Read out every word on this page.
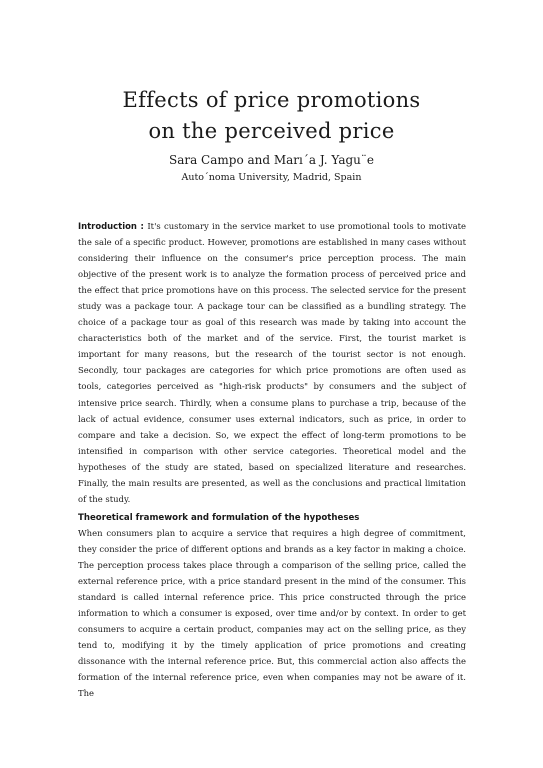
Effects of price promotions
on the perceived price

Sara Campo and Marı´a J. Yagu¨e

Auto´noma University, Madrid, Spain

Introduction : It's customary in the service market to use promotional tools to motivate the sale of a specific product. However, promotions are established in many cases without considering their influence on the consumer's price perception process. The main objective of the present work is to analyze the formation process of perceived price and the effect that price promotions have on this process. The selected service for the present study was a package tour. A package tour can be classified as a bundling strategy. The choice of a package tour as goal of this research was made by taking into account the characteristics both of the market and of the service. First, the tourist market is important for many reasons, but the research of the tourist sector is not enough. Secondly, tour packages are categories for which price promotions are often used as tools, categories perceived as "high-risk products" by consumers and the subject of intensive price search. Thirdly, when a consume plans to purchase a trip, because of the lack of actual evidence, consumer uses external indicators, such as price, in order to compare and take a decision. So, we expect the effect of long-term promotions to be intensified in comparison with other service categories. Theoretical model and the hypotheses of the study are stated, based on specialized literature and researches. Finally, the main results are presented, as well as the conclusions and practical limitation of the study.

Theoretical framework and formulation of the hypotheses

When consumers plan to acquire a service that requires a high degree of commitment, they consider the price of different options and brands as a key factor in making a choice. The perception process takes place through a comparison of the selling price, called the external reference price, with a price standard present in the mind of the consumer. This standard is called internal reference price. This price constructed through the price information to which a consumer is exposed, over time and/or by context. In order to get consumers to acquire a certain product, companies may act on the selling price, as they tend to, modifying it by the timely application of price promotions and creating dissonance with the internal reference price. But, this commercial action also affects the formation of the internal reference price, even when companies may not be aware of it. The
